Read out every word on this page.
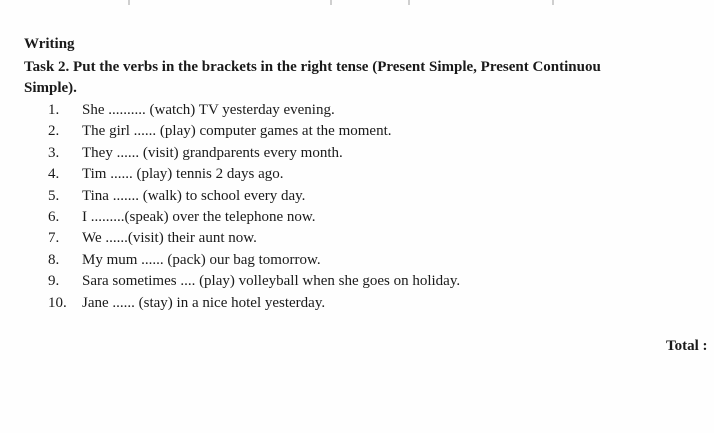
Writing
Task 2. Put the verbs in the brackets in the right tense (Present Simple, Present Continuou
Simple).
1. She .......... (watch) TV yesterday evening.
2. The girl ...... (play) computer games at the moment.
3. They ...... (visit) grandparents every month.
4. Tim ...... (play) tennis 2 days ago.
5. Tina ....... (walk) to school every day.
6. I .........(speak) over the telephone now.
7. We ......(visit) their aunt now.
8. My mum ...... (pack) our bag tomorrow.
9. Sara sometimes .... (play) volleyball when she goes on holiday.
10. Jane ...... (stay) in a nice hotel yesterday.
Total :
